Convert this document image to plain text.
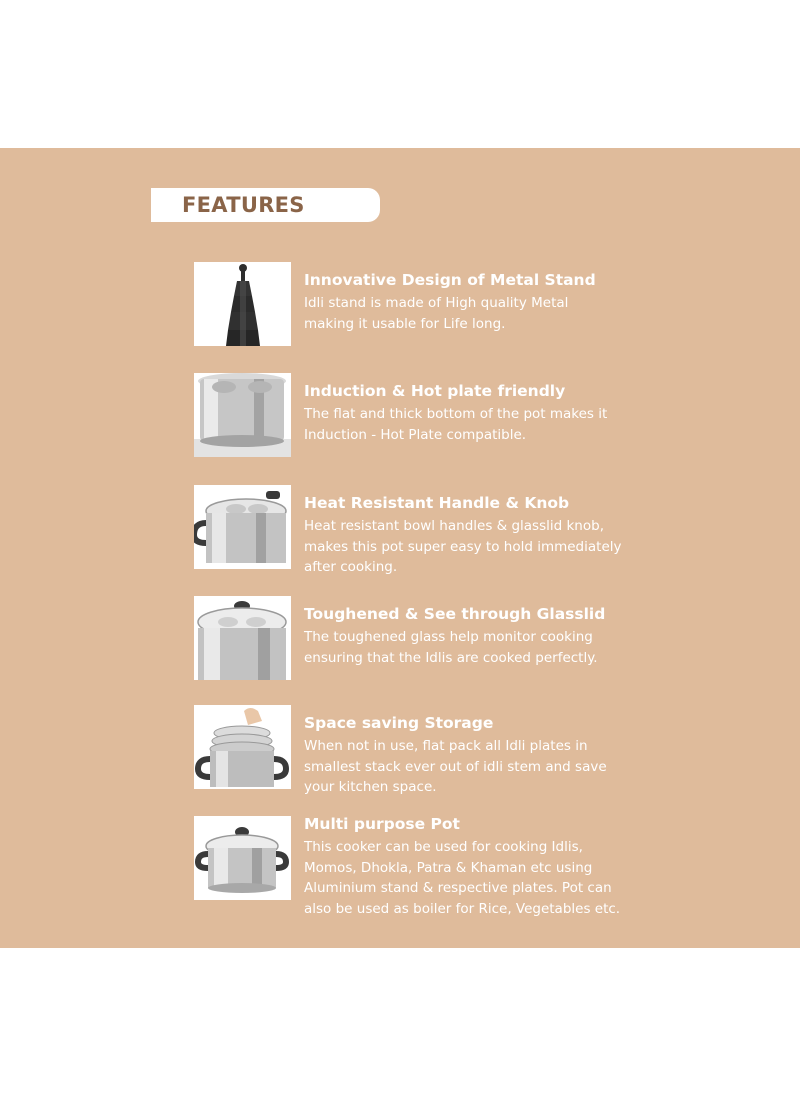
FEATURES

Innovative Design of Metal Stand

Idli stand is made of High quality Metal
making it usable for Life long.

Induction & Hot plate friendly

The flat and thick bottom of the pot makes it
Induction - Hot Plate compatible.

Heat Resistant Handle & Knob

Heat resistant bowl handles & glasslid knob,
makes this pot super easy to hold immediately
after cooking.

Toughened & See through Glasslid

The toughened glass help monitor cooking
ensuring that the Idlis are cooked perfectly.

Space saving Storage

When not in use, flat pack all Idli plates in
smallest stack ever out of idli stem and save
your kitchen space.

Multi purpose Pot

This cooker can be used for cooking Idlis,
Momos, Dhokla, Patra & Khaman etc using
Aluminium stand & respective plates. Pot can
also be used as boiler for Rice, Vegetables etc.
